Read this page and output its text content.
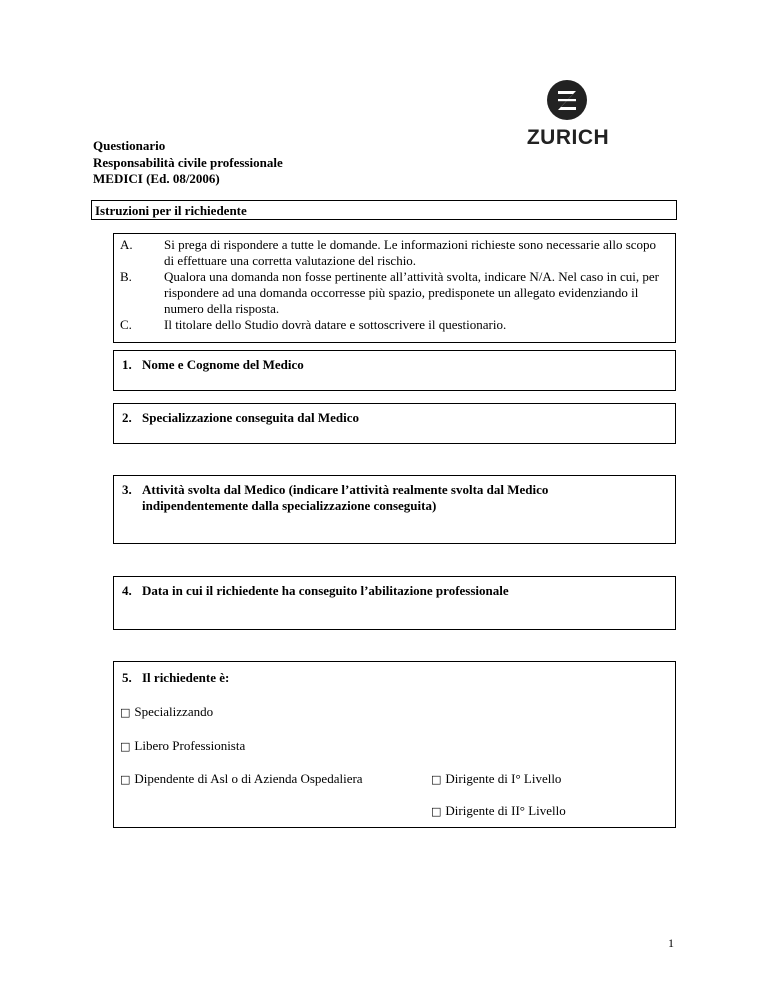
Questionario
Responsabilità civile professionale
MEDICI (Ed. 08/2006)
ZURICH
Istruzioni per il richiedente
A.	Si prega di rispondere a tutte le domande. Le informazioni richieste sono necessarie allo scopo di effettuare una corretta valutazione del rischio.
B.	Qualora una domanda non fosse pertinente all’attività svolta, indicare N/A. Nel caso in cui, per rispondere ad una domanda occorresse più spazio, predisponete un allegato evidenziando il numero della risposta.
C.	Il titolare dello Studio dovrà datare e sottoscrivere il questionario.
1. Nome e Cognome del Medico
2. Specializzazione conseguita dal Medico
3. Attività svolta dal Medico (indicare l’attività realmente svolta dal Medico indipendentemente dalla specializzazione conseguita)
4. Data in cui il richiedente ha conseguito l’abilitazione professionale
5. Il richiedente è:
□ Specializzando
□ Libero Professionista
□ Dipendente di Asl o di Azienda Ospedaliera	□ Dirigente di I° Livello
□ Dirigente di II° Livello
1
